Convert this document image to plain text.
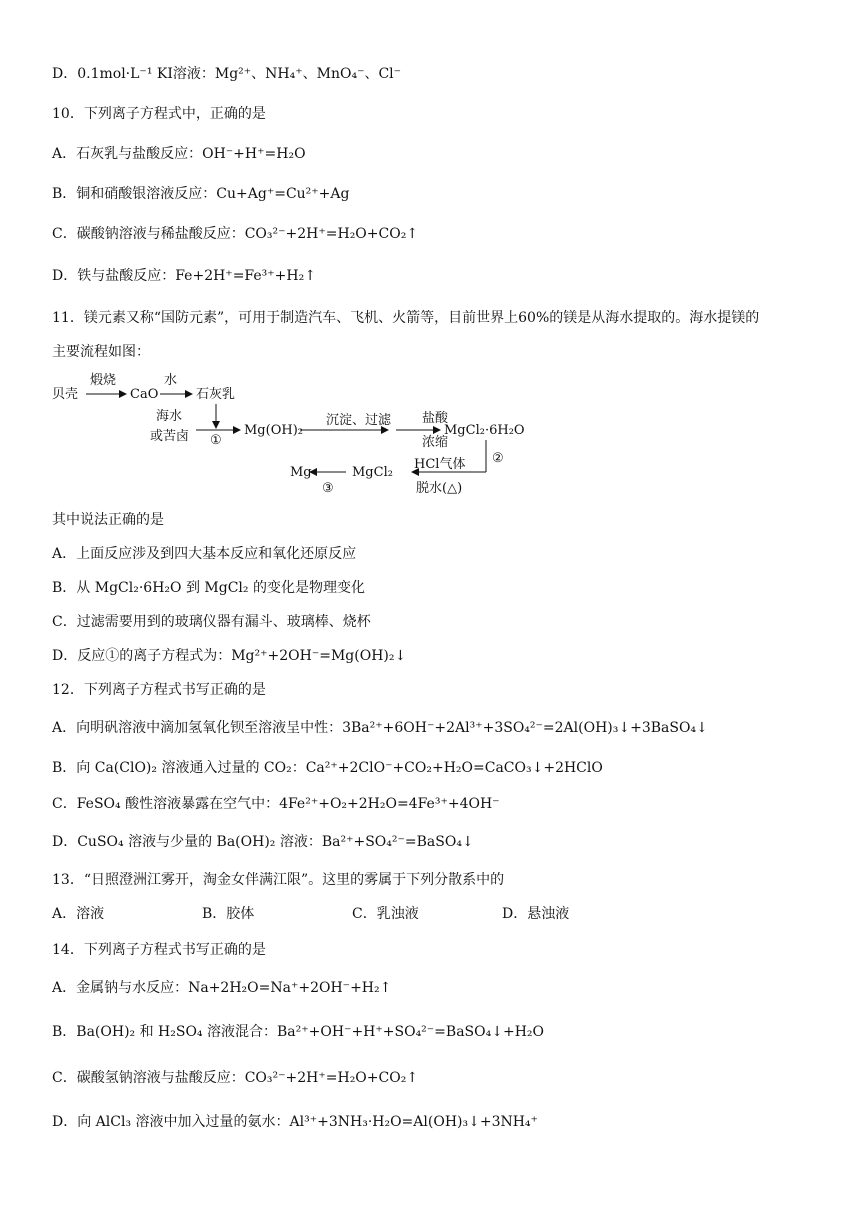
D．0.1mol·L⁻¹ KI溶液：Mg²⁺、NH₄⁺、MnO₄⁻、Cl⁻
10．下列离子方程式中，正确的是
A．石灰乳与盐酸反应：OH⁻+H⁺=H₂O
B．铜和硝酸银溶液反应：Cu+Ag⁺=Cu²⁺+Ag
C．碳酸钠溶液与稀盐酸反应：CO₃²⁻+2H⁺=H₂O+CO₂↑
D．铁与盐酸反应：Fe+2H⁺=Fe³⁺+H₂↑
11．镁元素又称“国防元素”，可用于制造汽车、飞机、火箭等，目前世界上60%的镁是从海水提取的。海水提镁的
主要流程如图：
贝壳
煅烧
CaO
水
石灰乳
海水
或苦卤 ①
Mg(OH)₂
沉淀、过滤 盐酸
浓缩
MgCl₂·6H₂O
②
HCl气体
脱水(△)
MgCl₂
③
Mg
其中说法正确的是
A．上面反应涉及到四大基本反应和氧化还原反应
B．从 MgCl₂·6H₂O 到 MgCl₂ 的变化是物理变化
C．过滤需要用到的玻璃仪器有漏斗、玻璃棒、烧杯
D．反应①的离子方程式为：Mg²⁺+2OH⁻=Mg(OH)₂↓
12．下列离子方程式书写正确的是
A．向明矾溶液中滴加氢氧化钡至溶液呈中性：3Ba²⁺+6OH⁻+2Al³⁺+3SO₄²⁻=2Al(OH)₃↓+3BaSO₄↓
B．向 Ca(ClO)₂ 溶液通入过量的 CO₂：Ca²⁺+2ClO⁻+CO₂+H₂O=CaCO₃↓+2HClO
C．FeSO₄ 酸性溶液暴露在空气中：4Fe²⁺+O₂+2H₂O=4Fe³⁺+4OH⁻
D．CuSO₄ 溶液与少量的 Ba(OH)₂ 溶液：Ba²⁺+SO₄²⁻=BaSO₄↓
13．“日照澄洲江雾开，淘金女伴满江限”。这里的雾属于下列分散系中的
A．溶液	B．胶体	C．乳浊液	D．悬浊液
14．下列离子方程式书写正确的是
A．金属钠与水反应：Na+2H₂O=Na⁺+2OH⁻+H₂↑
B．Ba(OH)₂ 和 H₂SO₄ 溶液混合：Ba²⁺+OH⁻+H⁺+SO₄²⁻=BaSO₄↓+H₂O
C．碳酸氢钠溶液与盐酸反应：CO₃²⁻+2H⁺=H₂O+CO₂↑
D．向 AlCl₃ 溶液中加入过量的氨水：Al³⁺+3NH₃·H₂O=Al(OH)₃↓+3NH₄⁺
